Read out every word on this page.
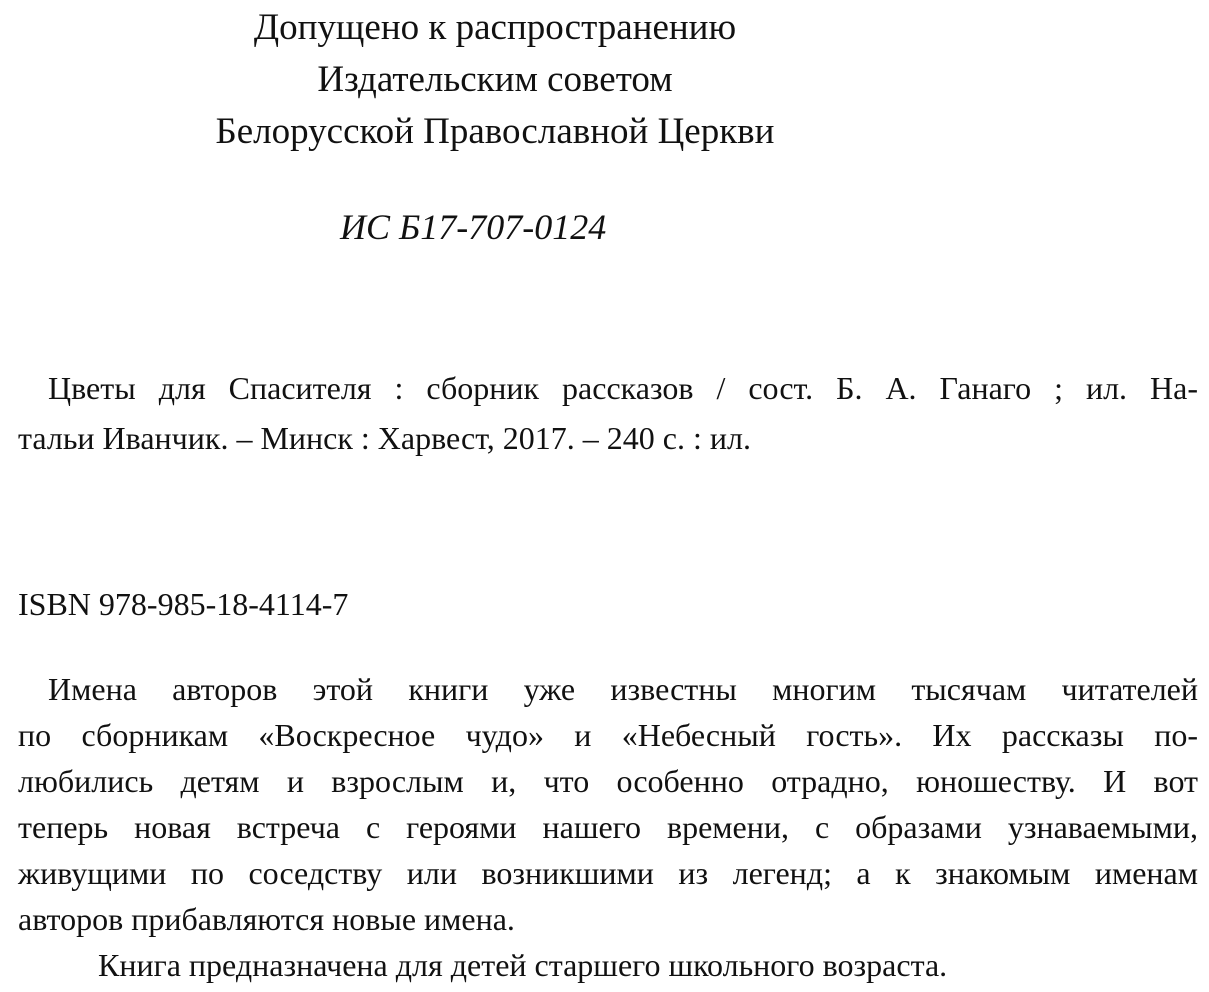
Допущено к распространению
Издательским советом
Белорусской Православной Церкви
ИС Б17-707-0124
Цветы для Спасителя : сборник рассказов / сост. Б. А. Ганаго ; ил. На-
тальи Иванчик. – Минск : Харвест, 2017. – 240 с. : ил.
ISBN 978-985-18-4114-7
Имена авторов этой книги уже известны многим тысячам читателей
по сборникам «Воскресное чудо» и «Небесный гость». Их рассказы по-
любились детям и взрослым и, что особенно отрадно, юношеству. И вот
теперь новая встреча с героями нашего времени, с образами узнаваемыми,
живущими по соседству или возникшими из легенд; а к знакомым именам
авторов прибавляются новые имена.
Книга предназначена для детей старшего школьного возраста.
